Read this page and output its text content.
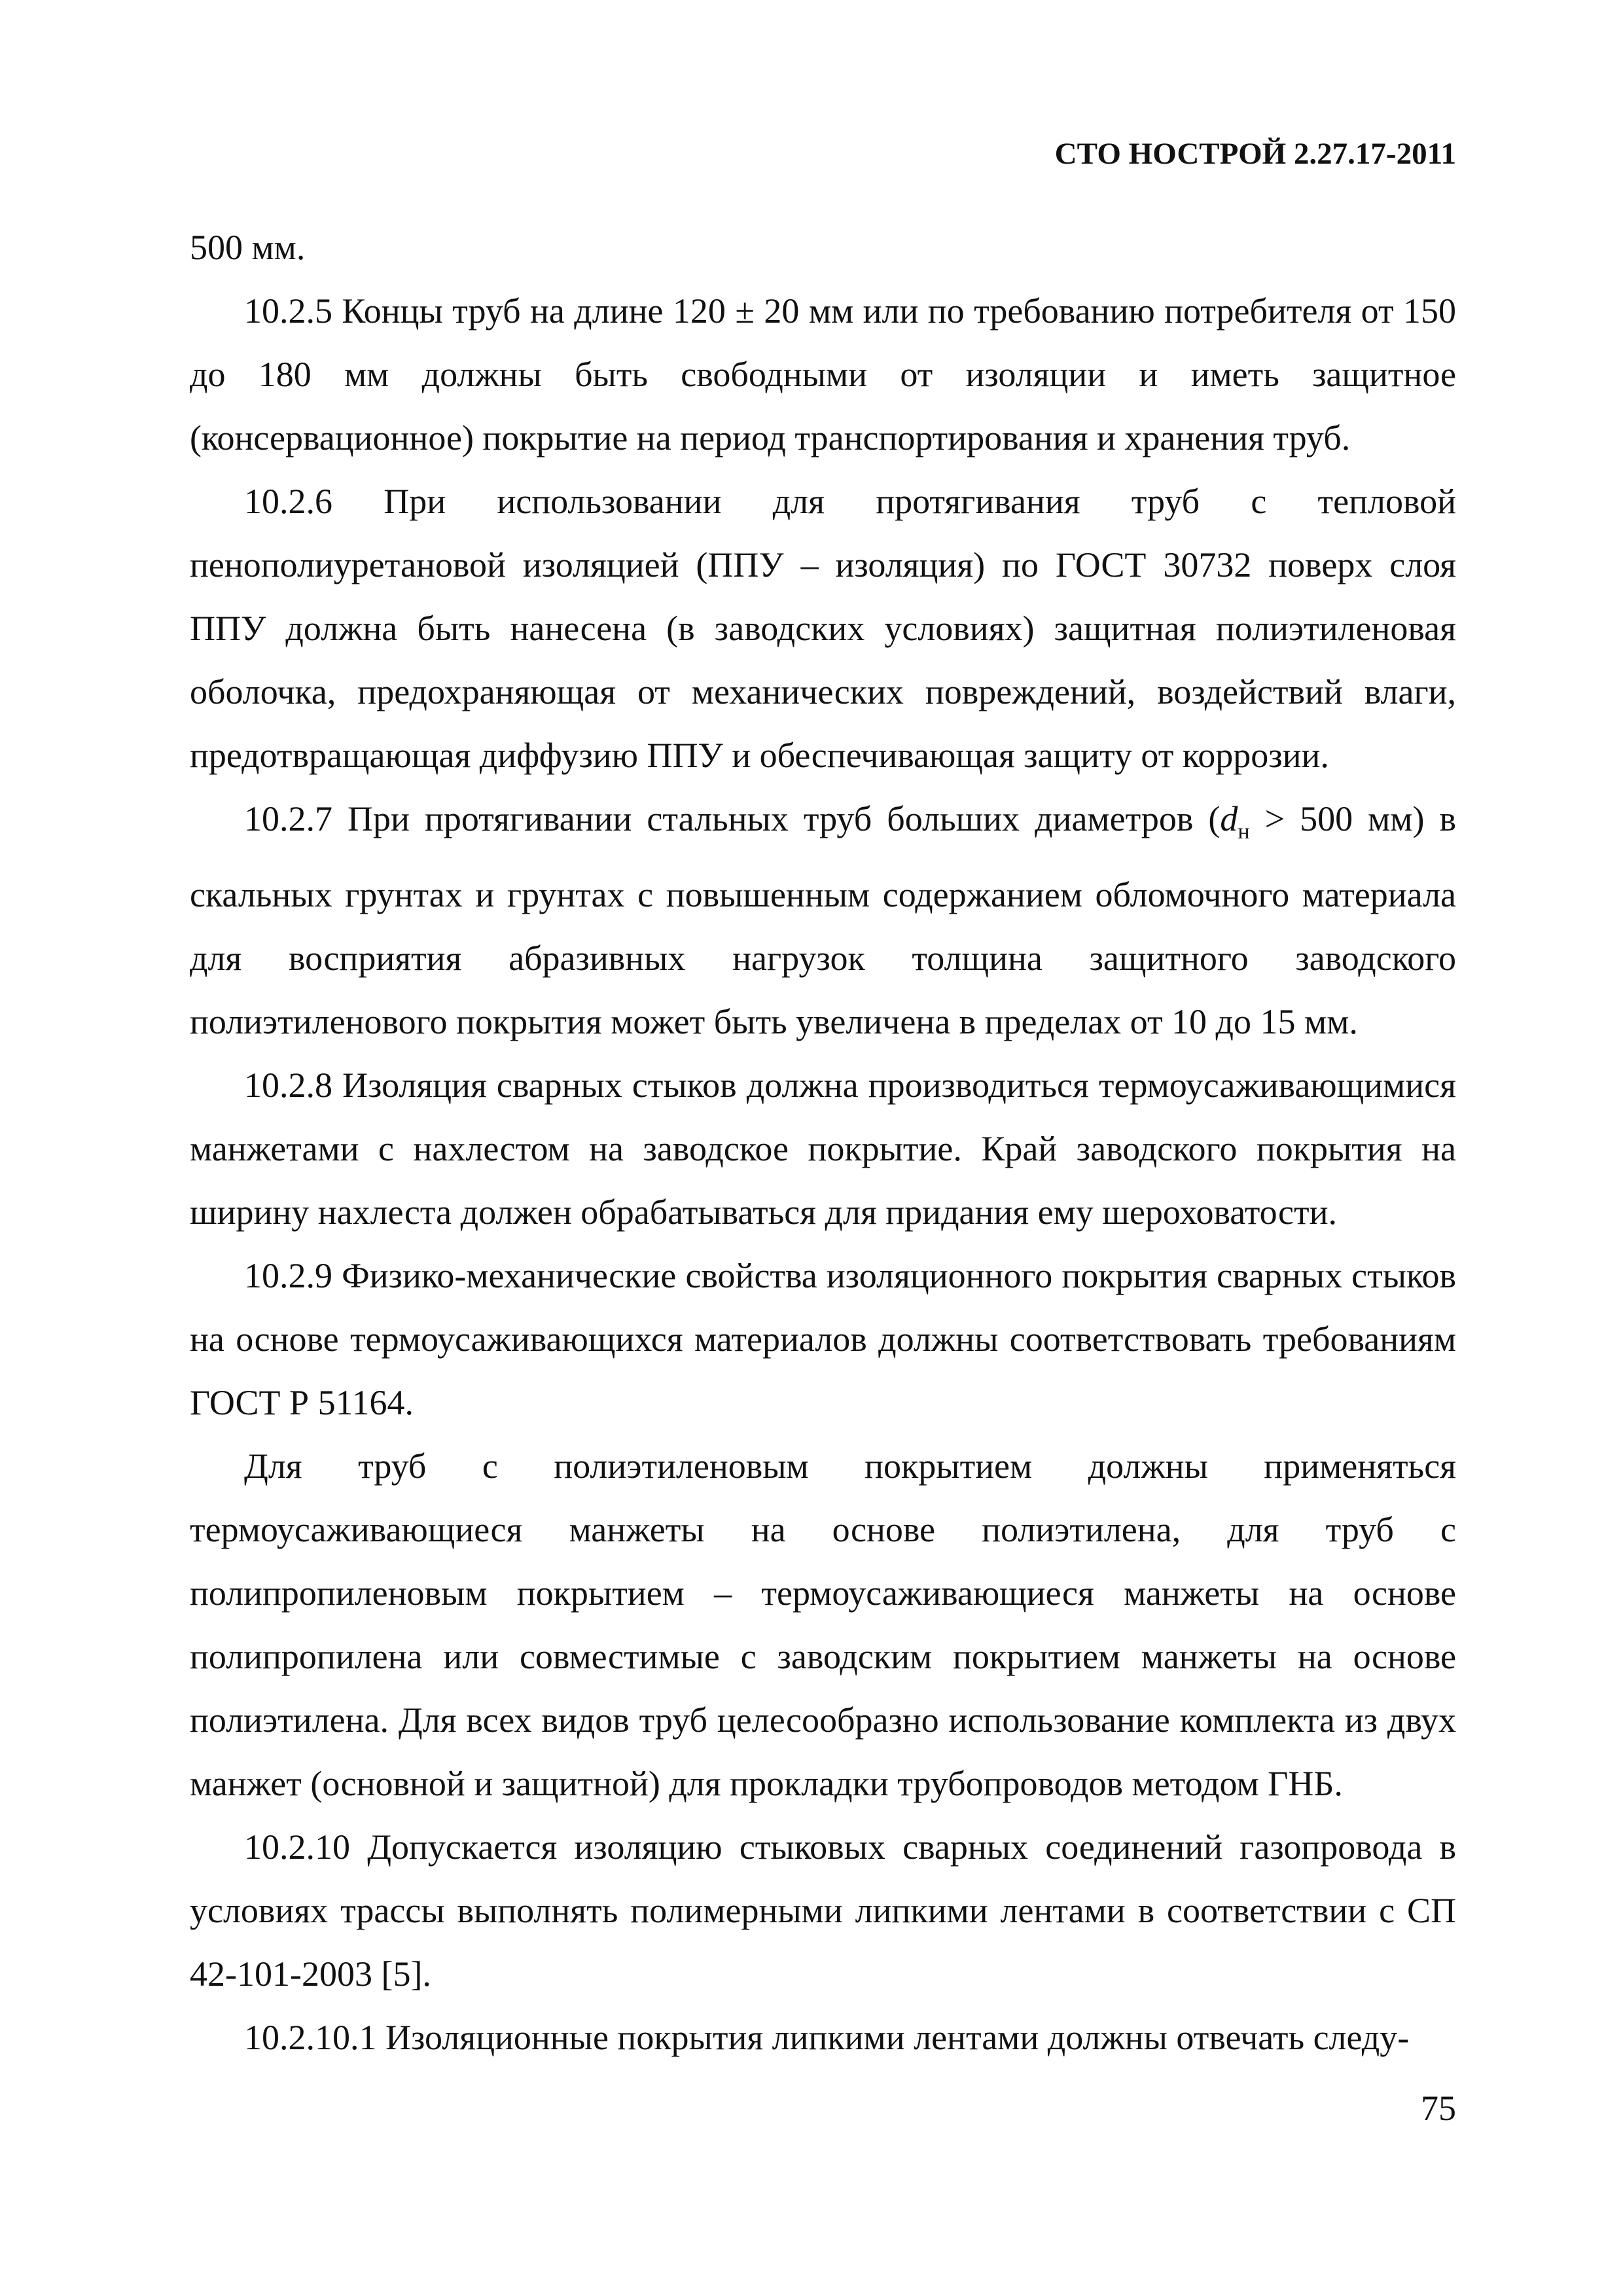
СТО НОСТРОЙ 2.27.17-2011

500 мм.

10.2.5 Концы труб на длине 120 ± 20 мм или по требованию потребителя от 150 до 180 мм должны быть свободными от изоляции и иметь защитное (консервационное) покрытие на период транспортирования и хранения труб.

10.2.6 При использовании для протягивания труб с тепловой пенополиуретановой изоляцией (ППУ – изоляция) по ГОСТ 30732 поверх слоя ППУ должна быть нанесена (в заводских условиях) защитная полиэтиленовая оболочка, предохраняющая от механических повреждений, воздействий влаги, предотвращающая диффузию ППУ и обеспечивающая защиту от коррозии.

10.2.7 При протягивании стальных труб больших диаметров ($d_н > 500$ мм) в скальных грунтах и грунтах с повышенным содержанием обломочного материала для восприятия абразивных нагрузок толщина защитного заводского полиэтиленового покрытия может быть увеличена в пределах от 10 до 15 мм.

10.2.8 Изоляция сварных стыков должна производиться термоусаживающимися манжетами с нахлестом на заводское покрытие. Край заводского покрытия на ширину нахлеста должен обрабатываться для придания ему шероховатости.

10.2.9 Физико-механические свойства изоляционного покрытия сварных стыков на основе термоусаживающихся материалов должны соответствовать требованиям ГОСТ Р 51164.

Для труб с полиэтиленовым покрытием должны применяться термоусаживающиеся манжеты на основе полиэтилена, для труб с полипропиленовым покрытием – термоусаживающиеся манжеты на основе полипропилена или совместимые с заводским покрытием манжеты на основе полиэтилена. Для всех видов труб целесообразно использование комплекта из двух манжет (основной и защитной) для прокладки трубопроводов методом ГНБ.

10.2.10 Допускается изоляцию стыковых сварных соединений газопровода в условиях трассы выполнять полимерными липкими лентами в соответствии с СП 42-101-2003 [5].

10.2.10.1 Изоляционные покрытия липкими лентами должны отвечать следу-

75
